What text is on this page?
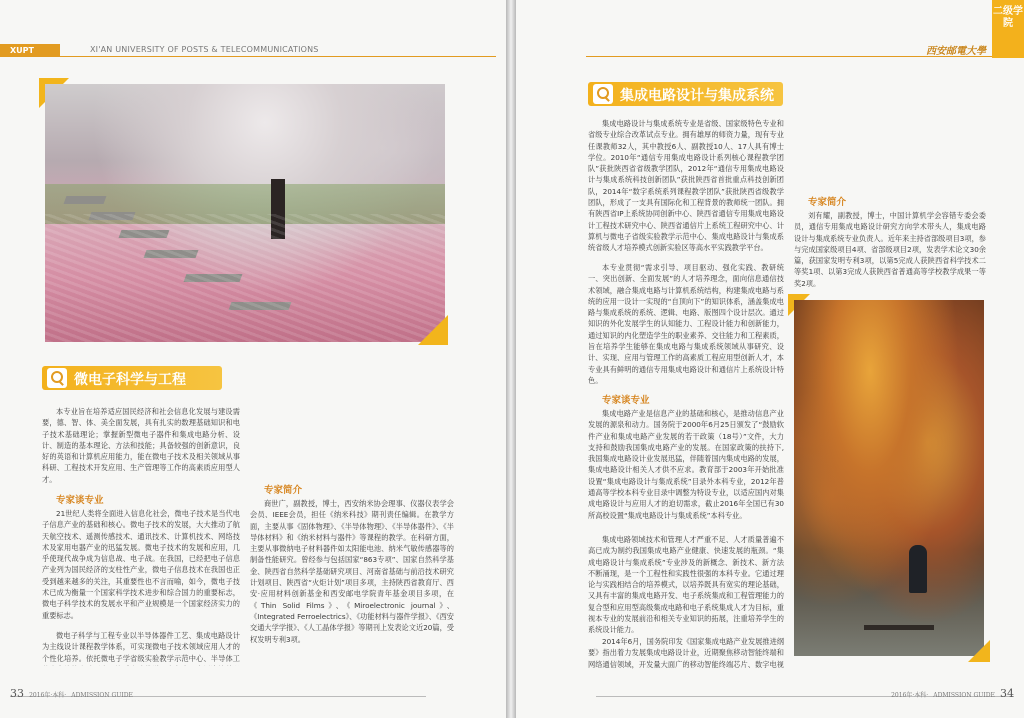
XUPT	XI'AN UNIVERSITY OF POSTS & TELECOMMUNICATIONS
微电子科学与工程
本专业旨在培养适应国民经济和社会信息化发展与建设需要，德、智、体、美全面发展，具有扎实的数理基础知识和电子技术基础理论；掌握新型微电子器件和集成电路分析、设计、制造的基本理论、方法和技能；具备较强的创新意识，良好的英语和计算机应用能力，能在微电子技术及相关领域从事科研、工程技术开发应用、生产管理等工作的高素质应用型人才。
专家谈专业
21世纪人类将全面进入信息化社会，微电子技术是当代电子信息产业的基础和核心。微电子技术的发展，大大推动了航天航空技术、遥测传感技术、通讯技术、计算机技术、网络技术及家用电器产业的迅猛发展。微电子技术的发展和应用，几乎使现代战争成为信息战、电子战。在我国，已经把电子信息产业列为国民经济的支柱性产业，微电子信息技术在我国也正受到越来越多的关注，其重要性也不言而喻，如今，微电子技术已成为衡量一个国家科学技术进步和综合国力的重要标志，微电子科学技术的发展水平和产业规模是一个国家经济实力的重要标志。
微电子科学与工程专业以半导体器件工艺、集成电路设计为主线设计课程教学体系，可实现微电子技术领域应用人才的个性化培养。依托微电子学省级实验教学示范中心、半导体工
专家简介
商世广，副教授，博士，西安纳米协会理事、仪器仪表学会会员、IEEE会员，担任《纳米科技》期刊责任编辑。在教学方面，主要从事《固体物理》、《半导体物理》、《半导体器件》、《半导体材料》和《纳米材料与器件》等课程的教学。在科研方面，主要从事微纳电子材料器件如太阳能电池、纳米气敏传感器等的制备性能研究。曾经参与包括国家“863专项”、国家自然科学基金、陕西省自然科学基础研究项目、河南省基础与前沿技术研究计划项目、陕西省“火炬计划”项目多项，主持陕西省教育厅、西安·应用材料创新基金和西安邮电学院青年基金项目多项，在《Thin Solid Films》、《Miroelectronic journal》、《Integrated Ferroelectrics》、《功能材料与器件学报》、《西安交通大学学报》、《人工晶体学报》等期刊上发表论文近20篇，受权发明专利3项。
33 2016年·本科· ADMISSION GUIDE
二级学院
西安邮電大學
集成电路设计与集成系统
集成电路设计与集成系统专业是省级、国家级特色专业和省级专业综合改革试点专业。拥有雄厚的师资力量，现有专业任课教师32人，其中教授6人、副教授10人、17人具有博士学位。2010年“通信专用集成电路设计系列核心课程教学团队”获批陕西省省级教学团队，2012年“通信专用集成电路设计与集成系统科技创新团队”获批陕西省首批重点科技创新团队，2014年“数字系统系列课程教学团队”获批陕西省级教学团队，形成了一支具有国际化和工程背景的教师统一团队。拥有陕西省IP上系统协同创新中心、陕西省通信专用集成电路设计工程技术研究中心、陕西省通信片上系统工程研究中心、计算机与微电子省级实验教学示范中心、集成电路设计与集成系统省级人才培养模式创新实验区等高水平实践教学平台。
本专业贯彻“需求引导、项目驱动、强化实践、教研统一、突出创新、全面发展”的人才培养理念，面向信息通信技术领域，融合集成电路与计算机系统结构，构建集成电路与系统的应用一设计一实现的“自顶向下”的知识体系，涵盖集成电路与集成系统的系统、逻辑、电路、版图四个设计层次。通过知识的外化发展学生的认知能力、工程设计能力和创新能力，通过知识的内化塑造学生的职业素养、交往能力和工程素质，旨在培养学生能够在集成电路与集成系统领域从事研究、设计、实现、应用与管理工作的高素质工程应用型创新人才，本专业具有鲜明的通信专用集成电路设计和通信片上系统设计特色。
专家谈专业
集成电路产业是信息产业的基础和核心，是推动信息产业发展的源泉和动力。国务院于2000年6月25日颁发了“鼓励软件产业和集成电路产业发展的若干政策（18号）”文件，大力支持和鼓励我国集成电路产业的发展。在国家政策的扶持下,我国集成电路设计业发展迅猛，伴随着国内集成电路的发展，集成电路设计相关人才供不应求。教育部于2003年开始批准设置“集成电路设计与集成系统”目录外本科专业，2012年普通高等学校本科专业目录中调整为特设专业，以适应国内对集成电路设计与应用人才的迫切需求，截止2016年全国已有30所高校设置“集成电路设计与集成系统”本科专业。
集成电路领域技术和管理人才严重不足、人才质量普遍不高已成为制约我国集成电路产业健康、快速发展的瓶颈。“集成电路设计与集成系统”专业涉及的新概念、新技术、新方法不断涌现，是一个工程性和实践性很强的本科专业。它通过理论与实践相结合的培养模式，以培养既具有宽实的理论基础，又具有丰富的集成电路开发、电子系统集成和工程管理能力的复合型和应用型高级集成电路和电子系统集成人才为目标，重视本专业的发展前沿和相关专业知识的拓展，注重培养学生的系统设计能力。
2014年6月，国务院印发《国家集成电路产业发展推进纲要》指出着力发展集成电路设计业，近期聚焦移动智能终端和网络通信领域，开发量大面广的移动智能终端芯片、数字电视
专家简介
刘有耀，副教授，博士，中国计算机学会容错专委会委员，通信专用集成电路设计研究方向学术带头人，集成电路设计与集成系统专业负责人。近年来主持省部级项目3项，参与完成国家级项目4项、省部级项目2项，发表学术论文30余篇，获国家发明专利3项，以第5完成人获陕西省科学技术二等奖1项、以第3完成人获陕西省普通高等学校教学成果一等奖2项。
2016年·本科· ADMISSION GUIDE 34
